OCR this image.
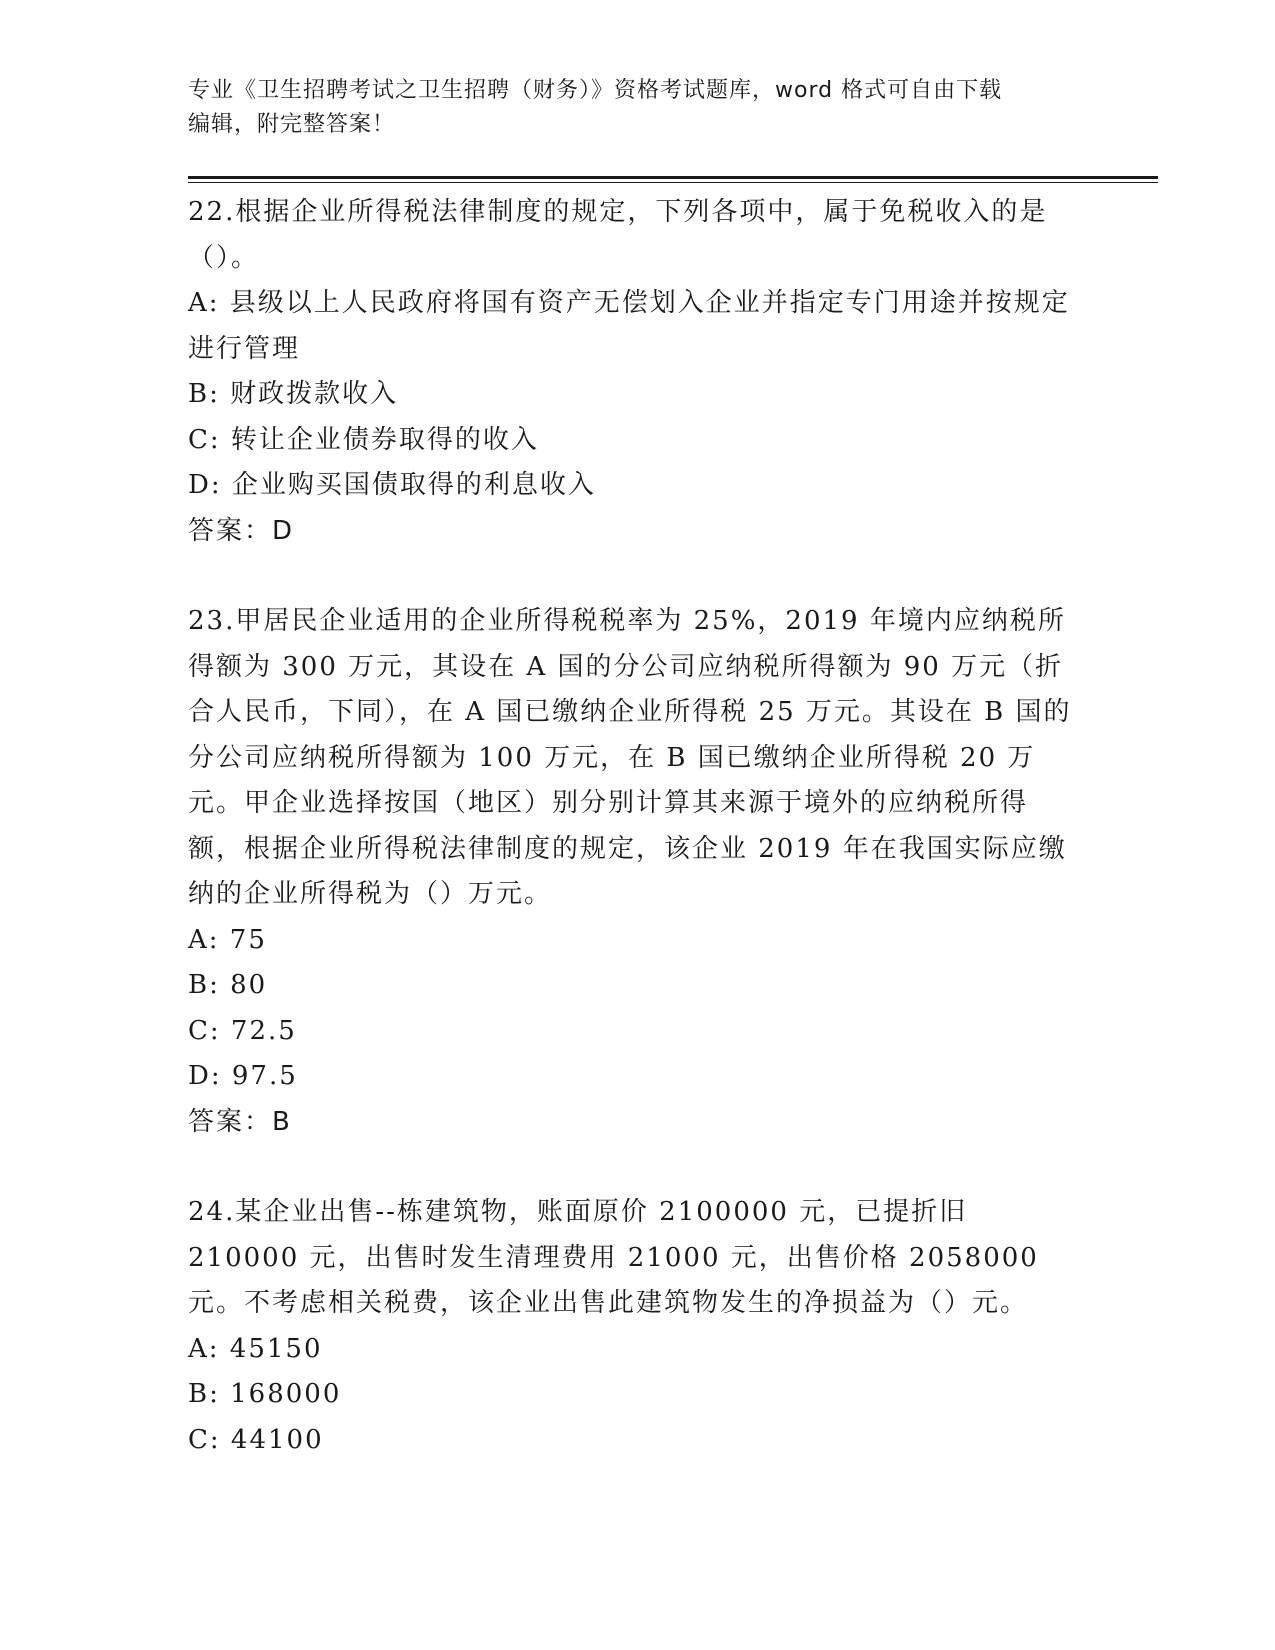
专业《卫生招聘考试之卫生招聘（财务）》资格考试题库，word 格式可自由下载
编辑，附完整答案！

22.根据企业所得税法律制度的规定，下列各项中，属于免税收入的是（）。

A: 县级以上人民政府将国有资产无偿划入企业并指定专门用途并按规定进行管理

B: 财政拨款收入

C: 转让企业债券取得的收入

D: 企业购买国债取得的利息收入

答案：D

23.甲居民企业适用的企业所得税税率为 25%，2019 年境内应纳税所得额为 300 万元，其设在 A 国的分公司应纳税所得额为 90 万元（折合人民币，下同），在 A 国已缴纳企业所得税 25 万元。其设在 B 国的分公司应纳税所得额为 100 万元，在 B 国已缴纳企业所得税 20 万元。甲企业选择按国（地区）别分别计算其来源于境外的应纳税所得额，根据企业所得税法律制度的规定，该企业 2019 年在我国实际应缴纳的企业所得税为（）万元。

A: 75

B: 80

C: 72.5

D: 97.5

答案：B

24.某企业出售--栋建筑物，账面原价 2100000 元，已提折旧 210000 元，出售时发生清理费用 21000 元，出售价格 2058000 元。不考虑相关税费，该企业出售此建筑物发生的净损益为（）元。

A: 45150

B: 168000

C: 44100
